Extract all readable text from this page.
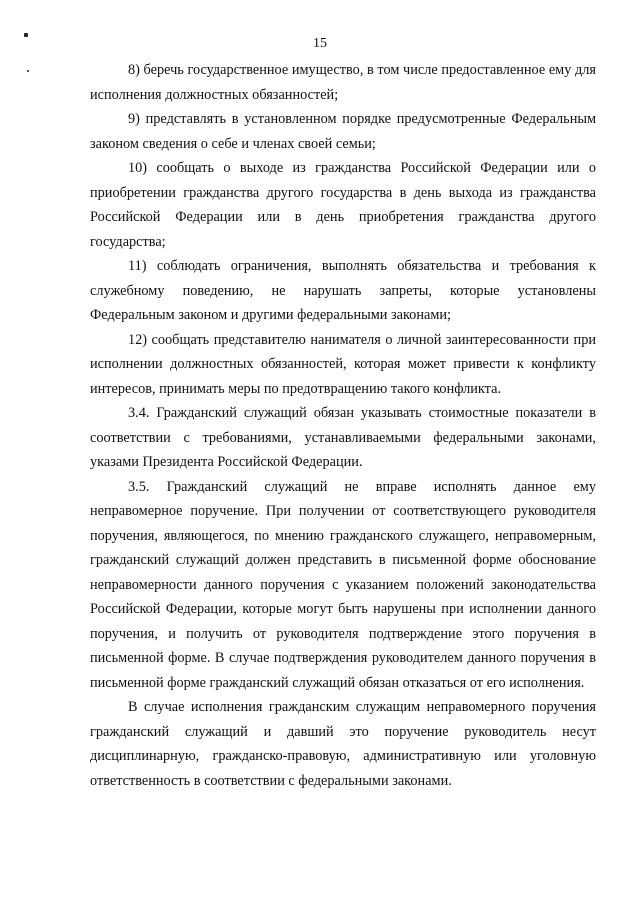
15

8) беречь государственное имущество, в том числе предоставленное ему для исполнения должностных обязанностей;

9) представлять в установленном порядке предусмотренные Федеральным законом сведения о себе и членах своей семьи;

10) сообщать о выходе из гражданства Российской Федерации или о приобретении гражданства другого государства в день выхода из гражданства Российской Федерации или в день приобретения гражданства другого государства;

11) соблюдать ограничения, выполнять обязательства и требования к служебному поведению, не нарушать запреты, которые установлены Федеральным законом и другими федеральными законами;

12) сообщать представителю нанимателя о личной заинтересованности при исполнении должностных обязанностей, которая может привести к конфликту интересов, принимать меры по предотвращению такого конфликта.

3.4. Гражданский служащий обязан указывать стоимостные показатели в соответствии с требованиями, устанавливаемыми федеральными законами, указами Президента Российской Федерации.

3.5. Гражданский служащий не вправе исполнять данное ему неправомерное поручение. При получении от соответствующего руководителя поручения, являющегося, по мнению гражданского служащего, неправомерным, гражданский служащий должен представить в письменной форме обоснование неправомерности данного поручения с указанием положений законодательства Российской Федерации, которые могут быть нарушены при исполнении данного поручения, и получить от руководителя подтверждение этого поручения в письменной форме. В случае подтверждения руководителем данного поручения в письменной форме гражданский служащий обязан отказаться от его исполнения.

В случае исполнения гражданским служащим неправомерного поручения гражданский служащий и давший это поручение руководитель несут дисциплинарную, гражданско-правовую, административную или уголовную ответственность в соответствии с федеральными законами.
